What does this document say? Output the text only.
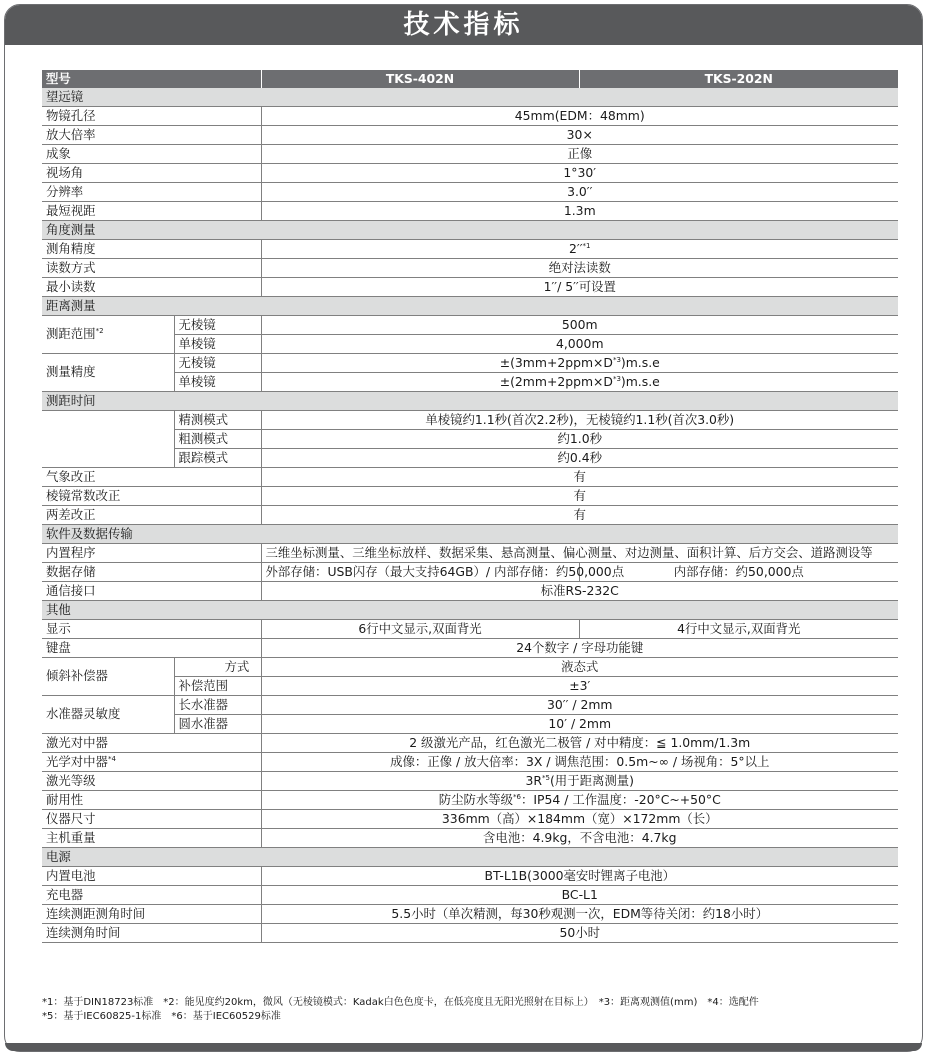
技术指标
型号		TKS-402N	TKS-202N
望远镜			
物镜孔径		45mm(EDM：48mm)	
放大倍率		30×	
成象		正像	
视场角		1°30′	
分辨率		3.0′′	
最短视距		1.3m	
角度测量			
测角精度		$2''^{*1}$
读数方式		绝对法读数	
最小读数		1′′/ 5′′可设置	
距离测量			
测距范围$^{*2}$	无棱镜	500m	
	单棱镜	4,000m	
测量精度	无棱镜	$\pm(3mm+2ppm\times D^{*3})m.s.e$	
	单棱镜	$\pm(2mm+2ppm\times D^{*3})m.s.e$	
测距时间			
	精测模式	单棱镜约1.1秒(首次2.2秒)，无棱镜约1.1秒(首次3.0秒)	
	粗测模式	约1.0秒	
	跟踪模式	约0.4秒	
气象改正		有	
棱镜常数改正		有	
两差改正		有	
软件及数据传输			
内置程序		三维坐标测量、三维坐标放样、数据采集、悬高测量、偏心测量、对边测量、面积计算、后方交会、道路测设等	
数据存储		外部存储：USB闪存（最大支持64GB）/ 内部存储：约50,000点	内部存储：约50,000点
通信接口		标准RS-232C	
其他			
显示		6行中文显示,双面背光	4行中文显示,双面背光
键盘		24个数字 / 字母功能键	
倾斜补偿器	方式	液态式	
	补偿范围	±3′	
水准器灵敏度	长水准器	30′′ / 2mm	
	圆水准器	10′ / 2mm	
激光对中器		2 级激光产品，红色激光二极管 / 对中精度：≦ 1.0mm/1.3m	
光学对中器$^{*4}$		成像：正像 / 放大倍率：3X / 调焦范围：0.5m~∞ / 场视角：5°以上	
激光等级		$3R^{*5}$(用于距离测量)	
耐用性		防尘防水等级$^{*6}$：IP54 / 工作温度：-20°C~+50°C	
仪器尺寸		336mm（高）×184mm（宽）×172mm（长）	
主机重量		含电池：4.9kg，不含电池：4.7kg	
电源			
内置电池		BT-L1B(3000毫安时锂离子电池）	
充电器		BC-L1	
连续测距测角时间		5.5小时（单次精测，每30秒观测一次，EDM等待关闭：约18小时）	
连续测角时间		50小时	
*1：基于DIN18723标准　*2：能见度约20km，微风（无棱镜模式：Kadak白色色度卡，在低亮度且无阳光照射在目标上）　*3：距离观测值(mm)　*4：选配件
*5：基于IEC60825-1标准　*6：基于IEC60529标准
